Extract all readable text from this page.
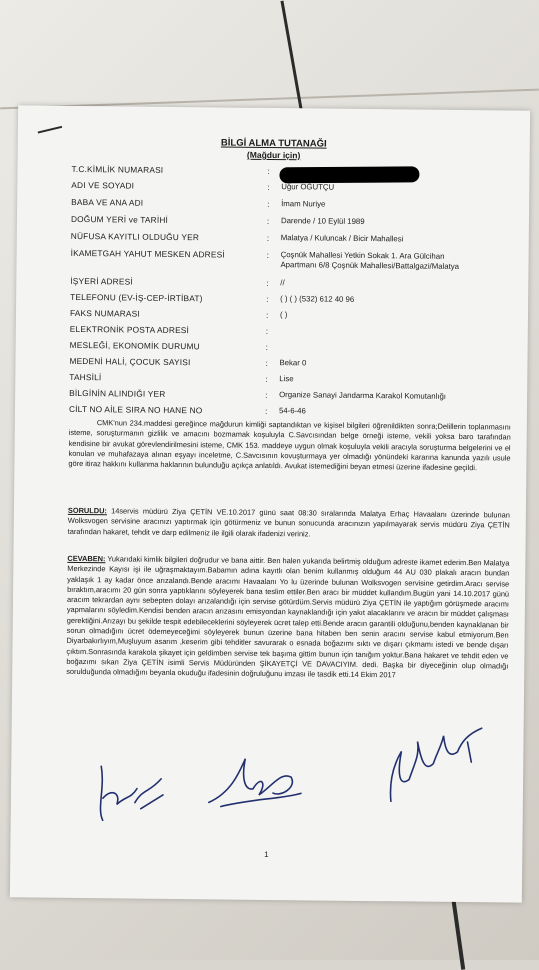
BİLGİ ALMA TUTANAĞI
(Mağdur için)
T.C.KİMLİK NUMARASI	:
ADI VE SOYADI	: Uğur OĞUTÇU
BABA VE ANA ADI	: İmam Nuriye
DOĞUM YERİ ve TARİHİ	: Darende / 10 Eylül 1989
NÜFUSA KAYITLI OLDUĞU YER	: Malatya / Kuluncak / Bicir Mahallesi
İKAMETGAH YAHUT MESKEN ADRESİ	: Çoşnük Mahallesi Yetkin Sokak 1. Ara Gülcihan
Apartmanı 6/8 Çoşnük Mahallesi/Battalgazi/Malatya
İŞYERİ ADRESİ	: //
TELEFONU (EV-İŞ-CEP-İRTİBAT)	: ( ) ( ) (532) 612 40 96
FAKS NUMARASI	: ( )
ELEKTRONİK POSTA ADRESİ	:
MESLEĞİ, EKONOMİK DURUMU	:
MEDENİ HALİ, ÇOCUK SAYISI	: Bekar 0
TAHSİLİ	: Lise
BİLGİNİN ALINDIĞI YER	: Organize Sanayi Jandarma Karakol Komutanlığı
CİLT NO AİLE SIRA NO HANE NO	: 54-6-46
CMK'nun 234.maddesi gereğince mağdurun kimliği saptandıktan ve kişisel bilgileri öğrenildikten sonra;Delillerin toplanmasını isteme, soruşturmanın gizlilik ve amacını bozmamak koşuluyla C.Savcısından belge örneği isteme, vekili yoksa baro tarafından kendisine bir avukat görevlendirilmesini isteme, CMK 153. maddeye uygun olmak koşuluyla vekili aracıyla soruşturma belgelerini ve el konulan ve muhafazaya alınan eşyayı inceletme, C.Savcısının kovuşturmaya yer olmadığı yönündeki kararına kanunda yazılı usule göre itiraz hakkını kullanma haklarının bulunduğu açıkça anlatıldı. Avukat istemediğini beyan etmesi üzerine ifadesine geçildi.
SORULDU: 14servis müdürü Ziya ÇETİN VE.10.2017 günü saat 08:30 sıralarında Malatya Erhaç Havaalanı üzerinde bulunan Wolksvogen servisine aracınızı yaptırmak için götürmeniz ve bunun sonucunda aracınızın yapılmayarak servis müdürü Ziya ÇETİN tarafından hakaret, tehdit ve darp edilmeniz ile ilgili olarak ifadenizi veriniz.
CEVABEN: Yukarıdaki kimlik bilgileri doğrudur ve bana aittir. Ben halen yukarıda belirtmiş olduğum adreste ikamet ederim.Ben Malatya Merkezinde Kayısı işi ile uğraşmaktayım.Babamın adına kayıtlı olan benim kullanmış olduğum 44 AU 030 plakalı aracın bundan yaklaşık 1 ay kadar önce arızalandı.Bende aracımı Havaalanı Yo lu üzerinde bulunan Wolksvogen servisine getirdim.Aracı servise bıraktım,aracımı 20 gün sonra yaptıklarını söyleyerek bana teslim ettiler.Ben aracı bir müddet kullandım.Bugün yani 14.10.2017 günü aracım tekrardan aynı sebepten dolayı arızalandığı için servise götürdüm.Servis müdürü Ziya ÇETİN ile yaptığım görüşmede aracımı yapmalarını söyledim.Kendisi benden aracın arızasını emisyondan kaynaklandığı için yakıt alacaklarını ve aracın bir müddet çalışması gerektiğini.Arızayı bu şekilde tespit edebileceklerini söyleyerek ücret talep etti.Bende aracın garantili olduğunu,benden kaynaklanan bir sorun olmadığını ücret ödemeyeceğimi söyleyerek bunun üzerine bana hitaben ben senin aracını servise kabul etmiyorum.Ben Diyarbakırlıyım,Muşluyum asarım ,keserim gibi tehditler savurarak o esnada boğazımı sıktı ve dışarı çıkmamı istedi ve bende dışarı çıktım.Sonrasında karakola şikayet için geldimben servise tek başıma gittim bunun için tanığım yoktur.Bana hakaret ve tehdit eden ve boğazımı sıkan Ziya ÇETİN isimli Servis Müdüründen ŞİKAYETÇİ VE DAVACIYIM. dedi. Başka bir diyeceğinin olup olmadığı sorulduğunda olmadığını beyanla okuduğu ifadesinin doğruluğunu imzası ile tasdik etti.14 Ekim 2017
1
